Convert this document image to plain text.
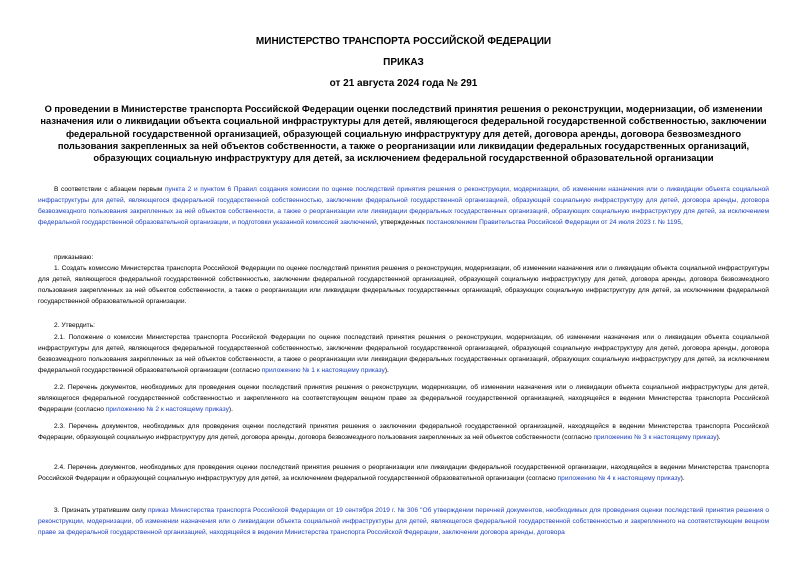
МИНИСТЕРСТВО ТРАНСПОРТА РОССИЙСКОЙ ФЕДЕРАЦИИ
ПРИКАЗ
от 21 августа 2024 года № 291
О проведении в Министерстве транспорта Российской Федерации оценки последствий принятия решения о реконструкции, модернизации, об изменении назначения или о ликвидации объекта социальной инфраструктуры для детей, являющегося федеральной государственной собственностью, заключении федеральной государственной организацией, образующей социальную инфраструктуру для детей, договора аренды, договора безвозмездного пользования закрепленных за ней объектов собственности, а также о реорганизации или ликвидации федеральных государственных организаций, образующих социальную инфраструктуру для детей, за исключением федеральной государственной образовательной организации
В соответствии с абзацем первым пункта 2 и пунктом 6 Правил создания комиссии по оценке последствий принятия решения о реконструкции, модернизации, об изменении назначения или о ликвидации объекта социальной инфраструктуры для детей, являющегося федеральной государственной собственностью, заключении федеральной государственной организацией, образующей социальную инфраструктуру для детей, договора аренды, договора безвозмездного пользования закрепленных за ней объектов собственности, а также о реорганизации или ликвидации федеральных государственных организаций, образующих социальную инфраструктуру для детей, за исключением федеральной государственной образовательной организации, и подготовки указанной комиссией заключений, утвержденных постановлением Правительства Российской Федерации от 24 июля 2023 г. № 1195,
приказываю:
1. Создать комиссию Министерства транспорта Российской Федерации по оценке последствий принятия решения о реконструкции, модернизации, об изменении назначения или о ликвидации объекта социальной инфраструктуры для детей, являющегося федеральной государственной собственностью, заключении федеральной государственной организацией, образующей социальную инфраструктуру для детей, договора аренды, договора безвозмездного пользования закрепленных за ней объектов собственности, а также о реорганизации или ликвидации федеральных государственных организаций, образующих социальную инфраструктуру для детей, за исключением федеральной государственной образовательной организации.
2. Утвердить:
2.1. Положение о комиссии Министерства транспорта Российской Федерации по оценке последствий принятия решения о реконструкции, модернизации, об изменении назначения или о ликвидации объекта социальной инфраструктуры для детей, являющегося федеральной государственной собственностью, заключении федеральной государственной организацией, образующей социальную инфраструктуру для детей, договора аренды, договора безвозмездного пользования закрепленных за ней объектов собственности, а также о реорганизации или ликвидации федеральных государственных организаций, образующих социальную инфраструктуру для детей, за исключением федеральной государственной образовательной организации (согласно приложению № 1 к настоящему приказу).
2.2. Перечень документов, необходимых для проведения оценки последствий принятия решения о реконструкции, модернизации, об изменении назначения или о ликвидации объекта социальной инфраструктуры для детей, являющегося федеральной государственной собственностью и закрепленного на соответствующем вещном праве за федеральной государственной организацией, находящейся в ведении Министерства транспорта Российской Федерации (согласно приложению № 2 к настоящему приказу).
2.3. Перечень документов, необходимых для проведения оценки последствий принятия решения о заключении федеральной государственной организацией, находящейся в ведении Министерства транспорта Российской Федерации, образующей социальную инфраструктуру для детей, договора аренды, договора безвозмездного пользования закрепленных за ней объектов собственности (согласно приложению № 3 к настоящему приказу).
2.4. Перечень документов, необходимых для проведения оценки последствий принятия решения о реорганизации или ликвидации федеральной государственной организации, находящейся в ведении Министерства транспорта Российской Федерации и образующей социальную инфраструктуру для детей, за исключением федеральной государственной образовательной организации (согласно приложению № 4 к настоящему приказу).
3. Признать утратившим силу приказ Министерства транспорта Российской Федерации от 19 сентября 2019 г. № 306 "Об утверждении перечней документов, необходимых для проведения оценки последствий принятия решения о реконструкции, модернизации, об изменении назначения или о ликвидации объекта социальной инфраструктуры для детей, являющегося федеральной государственной собственностью и закрепленного на соответствующем вещном праве за федеральной государственной организацией, находящейся в ведении Министерства транспорта Российской Федерации, заключении договора аренды, договора
